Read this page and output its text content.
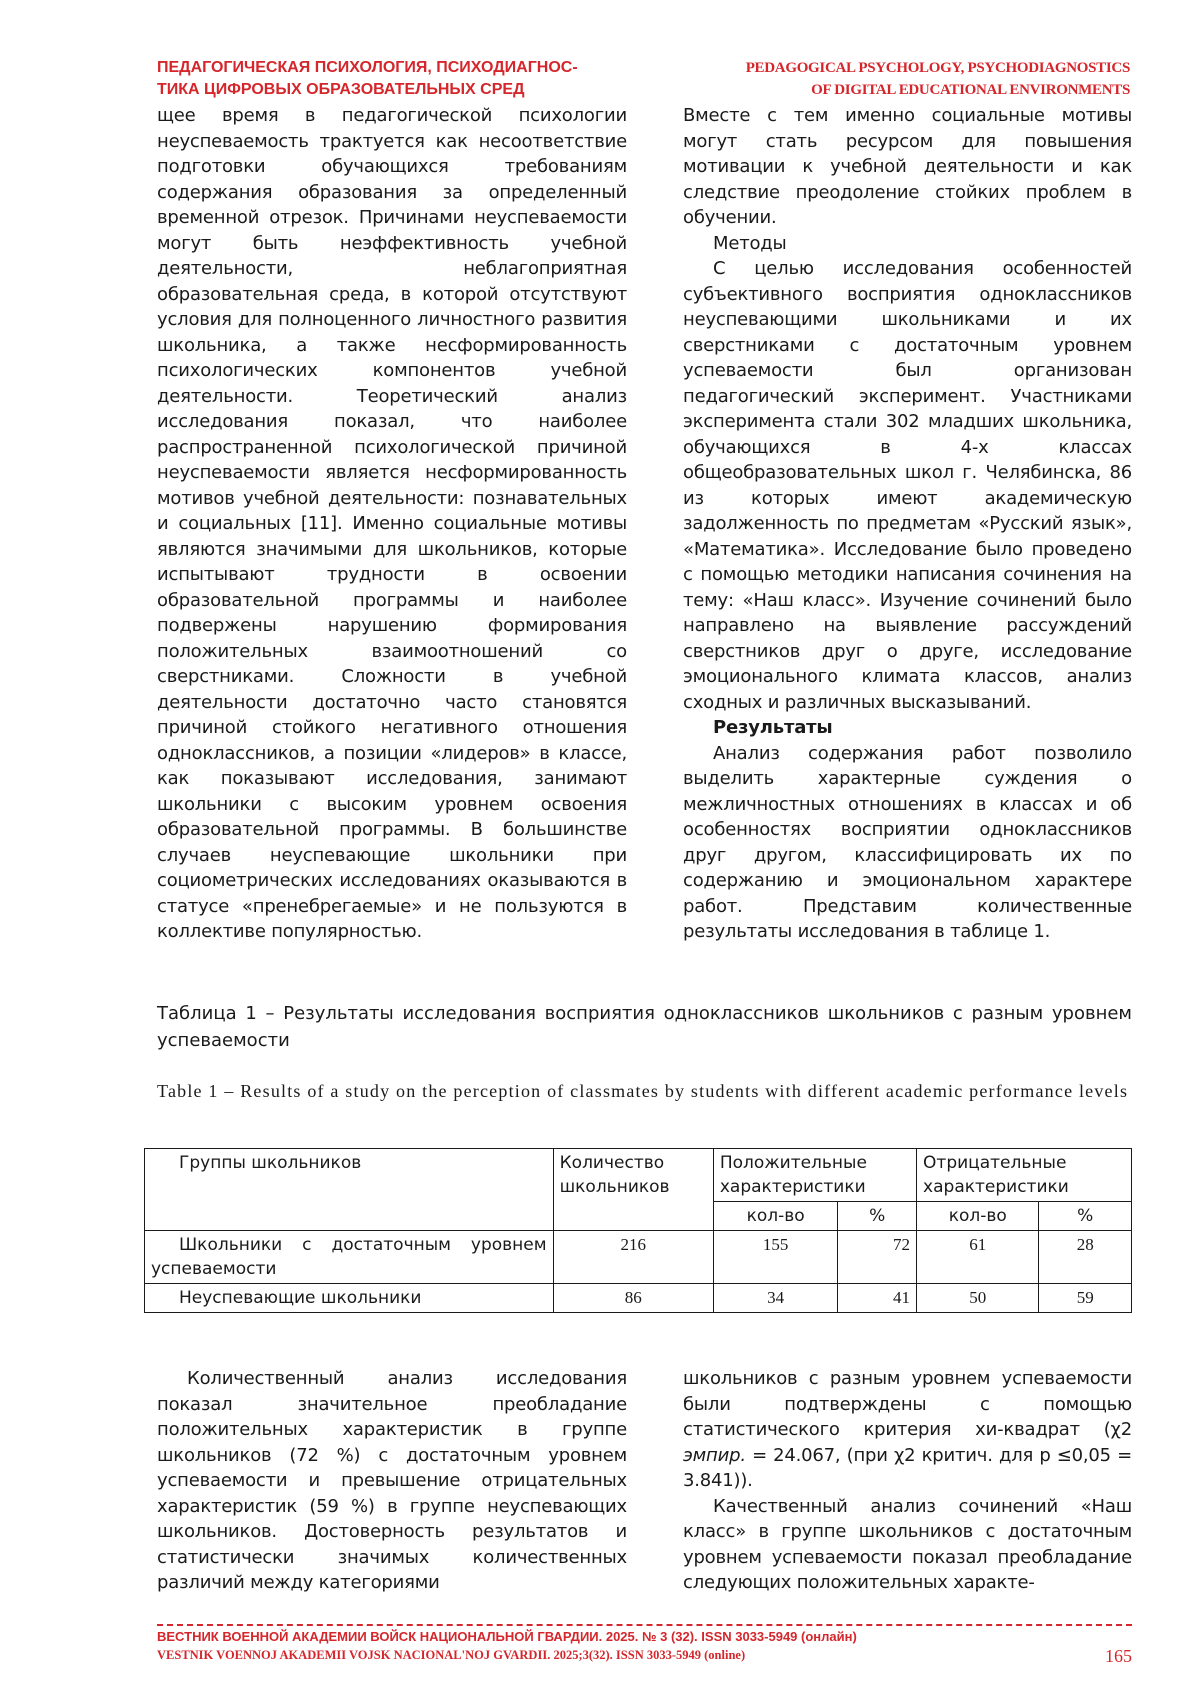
ПЕДАГОГИЧЕСКАЯ ПСИХОЛОГИЯ, ПСИХОДИАГНОС-
ТИКА ЦИФРОВЫХ ОБРАЗОВАТЕЛЬНЫХ СРЕД
PEDAGOGICAL PSYCHOLOGY, PSYCHODIAGNOSTICS
OF DIGITAL EDUCATIONAL ENVIRONMENTS

щее время в педагогической психологии неуспеваемость трактуется как несоответствие подготовки обучающихся требованиям содержания образования за определенный временной отрезок. Причинами неуспеваемости могут быть неэффективность учебной деятельности, неблагоприятная образовательная среда, в которой отсутствуют условия для полноценного личностного развития школьника, а также несформированность психологических компонентов учебной деятельности. Теоретический анализ исследования показал, что наиболее распространенной психологической причиной неуспеваемости является несформированность мотивов учебной деятельности: познавательных и социальных [11]. Именно социальные мотивы являются значимыми для школьников, которые испытывают трудности в освоении образовательной программы и наиболее подвержены нарушению формирования положительных взаимоотношений со сверстниками. Сложности в учебной деятельности достаточно часто становятся причиной стойкого негативного отношения одноклассников, а позиции «лидеров» в классе, как показывают исследования, занимают школьники с высоким уровнем освоения образовательной программы. В большинстве случаев неуспевающие школьники при социометрических исследованиях оказываются в статусе «пренебрегаемые» и не пользуются в коллективе популярностью.

Вместе с тем именно социальные мотивы могут стать ресурсом для повышения мотивации к учебной деятельности и как следствие преодоление стойких проблем в обучении.

Методы

С целью исследования особенностей субъективного восприятия одноклассников неуспевающими школьниками и их сверстниками с достаточным уровнем успеваемости был организован педагогический эксперимент. Участниками эксперимента стали 302 младших школьника, обучающихся в 4-х классах общеобразовательных школ г. Челябинска, 86 из которых имеют академическую задолженность по предметам «Русский язык», «Математика». Исследование было проведено с помощью методики написания сочинения на тему: «Наш класс». Изучение сочинений было направлено на выявление рассуждений сверстников друг о друге, исследование эмоционального климата классов, анализ сходных и различных высказываний.

Результаты

Анализ содержания работ позволило выделить характерные суждения о межличностных отношениях в классах и об особенностях восприятии одноклассников друг другом, классифицировать их по содержанию и эмоциональном характере работ. Представим количественные результаты исследования в таблице 1.

Таблица 1 – Результаты исследования восприятия одноклассников школьников с разным уровнем успеваемости
Table 1 – Results of a study on the perception of classmates by students with different academic performance levels
Группы школьников	Количество школьников	Положительные характеристики		Отрицательные характеристики	
		кол-во	%	кол-во	%
Школьники с достаточным уровнем успеваемости	216	155	72	61	28
Неуспевающие школьники	86	34	41	50	59

Количественный анализ исследования показал значительное преобладание положительных характеристик в группе школьников (72 %) с достаточным уровнем успеваемости и превышение отрицательных характеристик (59 %) в группе неуспевающих школьников. Достоверность результатов и статистически значимых количественных различий между категориями

школьников с разным уровнем успеваемости были подтверждены с помощью статистического критерия хи-квадрат (χ2 эмпир. = 24.067, (при χ2 критич. для р ≤0,05 = 3.841)).

Качественный анализ сочинений «Наш класс» в группе школьников с достаточным уровнем успеваемости показал преобладание следующих положительных характе-

ВЕСТНИК ВОЕННОЙ АКАДЕМИИ ВОЙСК НАЦИОНАЛЬНОЙ ГВАРДИИ. 2025. № 3 (32). ISSN 3033-5949 (онлайн)
VESTNIK VOENNOJ AKADEMII VOJSK NACIONAL'NOJ GVARDII. 2025;3(32). ISSN 3033-5949 (online)	165
